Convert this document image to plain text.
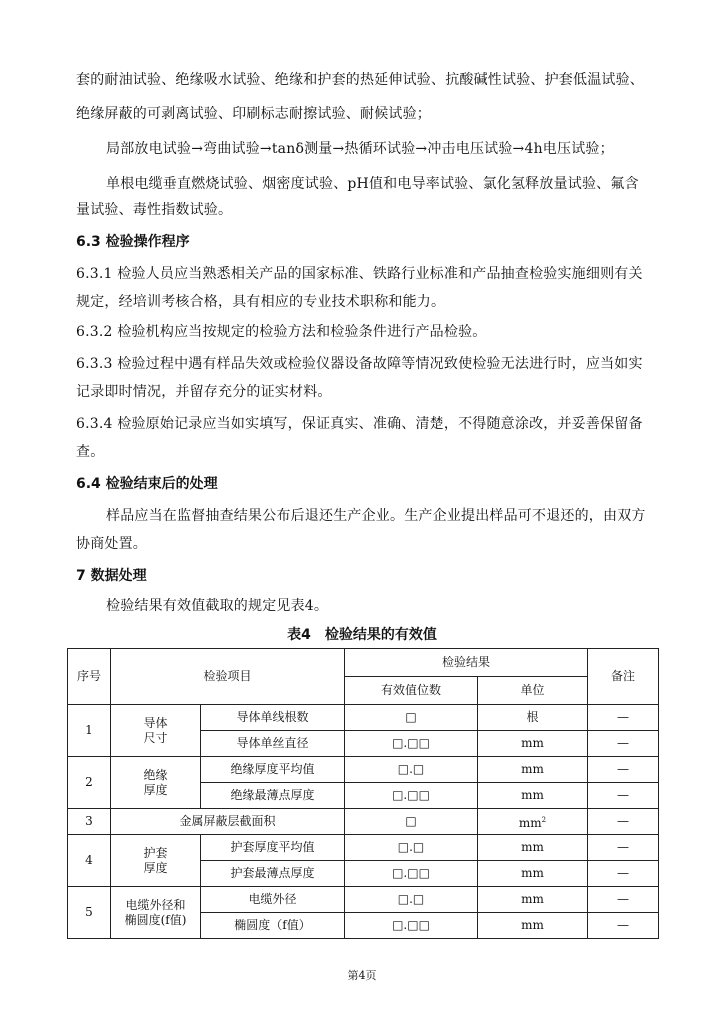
套的耐油试验、绝缘吸水试验、绝缘和护套的热延伸试验、抗酸碱性试验、护套低温试验、
绝缘屏蔽的可剥离试验、印刷标志耐擦试验、耐候试验；
局部放电试验→弯曲试验→tanδ测量→热循环试验→冲击电压试验→4h电压试验；
单根电缆垂直燃烧试验、烟密度试验、pH值和电导率试验、氯化氢释放量试验、氟含
量试验、毒性指数试验。
6.3 检验操作程序
6.3.1 检验人员应当熟悉相关产品的国家标准、铁路行业标准和产品抽查检验实施细则有关
规定，经培训考核合格，具有相应的专业技术职称和能力。
6.3.2 检验机构应当按规定的检验方法和检验条件进行产品检验。
6.3.3 检验过程中遇有样品失效或检验仪器设备故障等情况致使检验无法进行时，应当如实
记录即时情况，并留存充分的证实材料。
6.3.4 检验原始记录应当如实填写，保证真实、准确、清楚，不得随意涂改，并妥善保留备
查。
6.4 检验结束后的处理
样品应当在监督抽查结果公布后退还生产企业。生产企业提出样品可不退还的，由双方
协商处置。
7 数据处理
检验结果有效值截取的规定见表4。
表4　检验结果的有效值
序号	检验项目		检验结果		备注
			有效值位数	单位	
1	导体
尺寸	导体单线根数	□	根	—
		导体单丝直径	□.□□	mm	—
2	绝缘
厚度	绝缘厚度平均值	□.□	mm	—
		绝缘最薄点厚度	□.□□	mm	—
3	金属屏蔽层截面积		□	$mm^2$	—
4	护套
厚度	护套厚度平均值	□.□	mm	—
		护套最薄点厚度	□.□□	mm	—
5	电缆外径和
椭圆度(f值)	电缆外径	□.□	mm	—
		椭圆度（f值）	□.□□	mm	—
第4页
